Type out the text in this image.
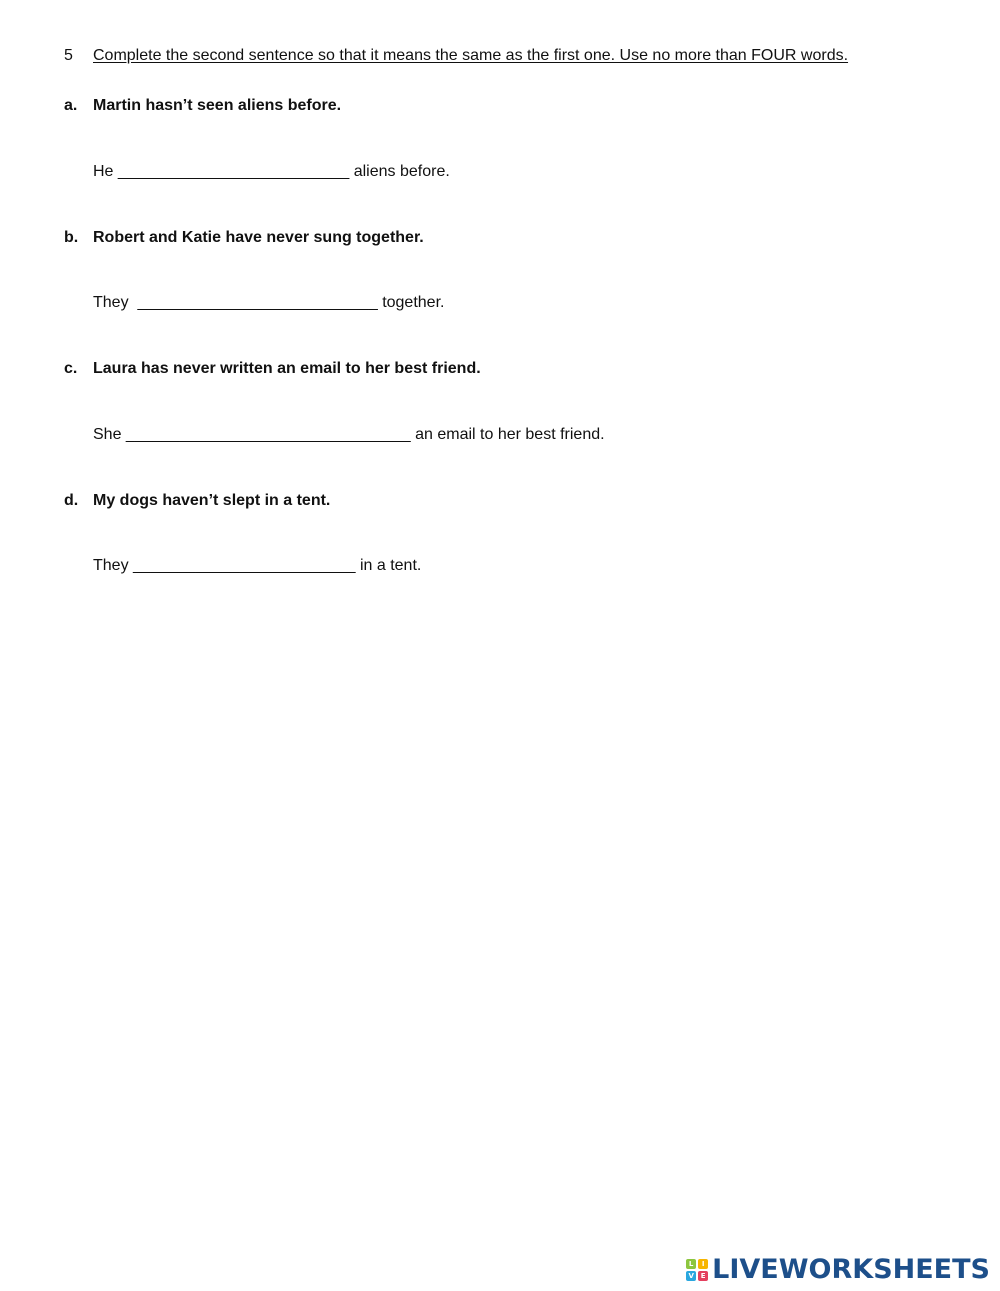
5 Complete the second sentence so that it means the same as the first one. Use no more than FOUR words.
a. Martin hasn’t seen aliens before.
He __________________________ aliens before.
b. Robert and Katie have never sung together.
They ___________________________ together.
c. Laura has never written an email to her best friend.
She ________________________________ an email to her best friend.
d. My dogs haven’t slept in a tent.
They _________________________ in a tent.
L	I
V E LIVEWORKSHEETS
